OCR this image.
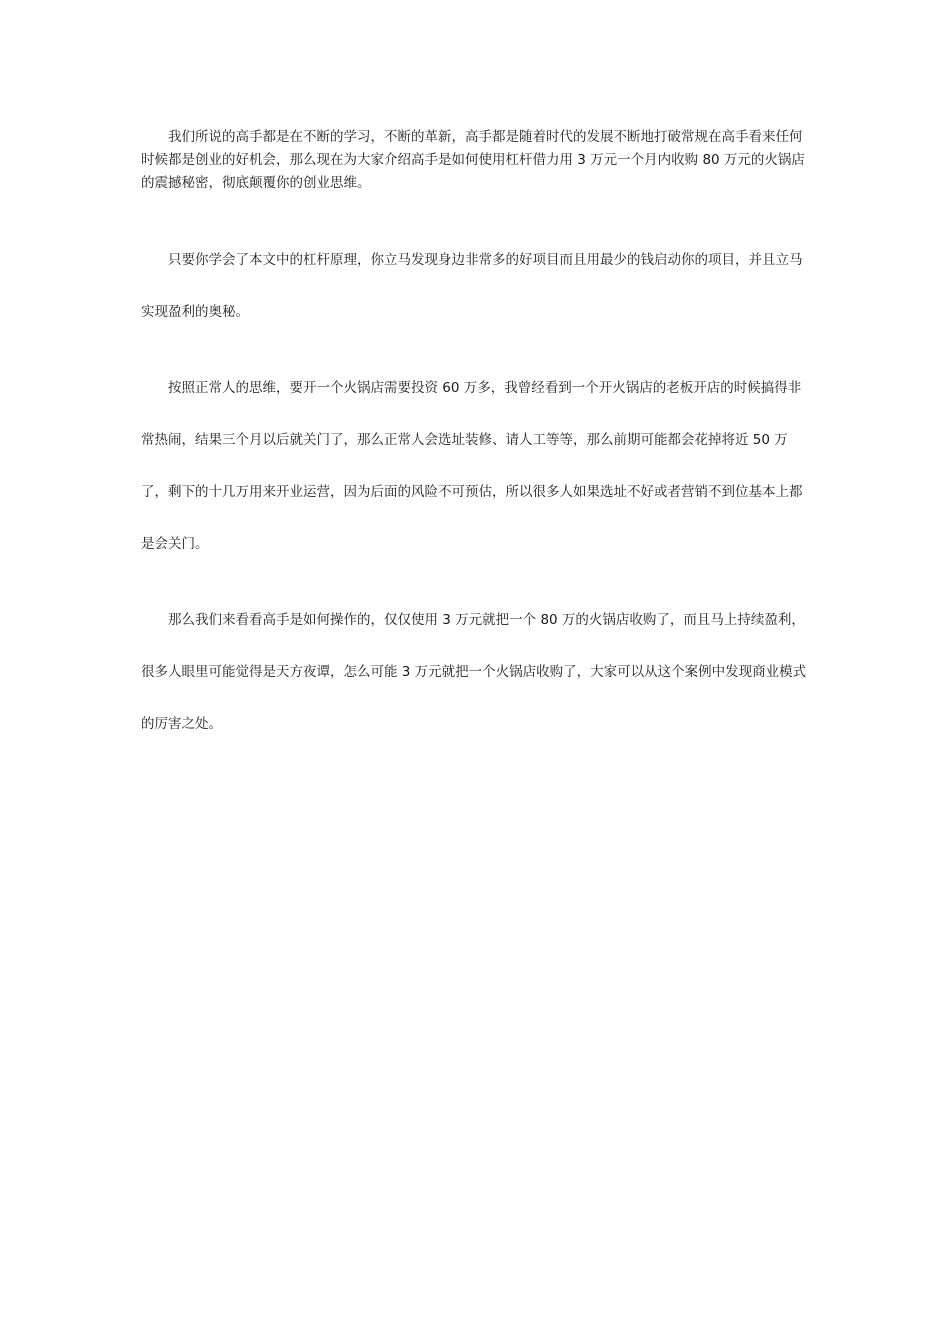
我们所说的高手都是在不断的学习，不断的革新，高手都是随着时代的发展不断地打破常规在高手看来任何时候都是创业的好机会，那么现在为大家介绍高手是如何使用杠杆借力用 3 万元一个月内收购 80 万元的火锅店的震撼秘密，彻底颠覆你的创业思维。

只要你学会了本文中的杠杆原理，你立马发现身边非常多的好项目而且用最少的钱启动你的项目，并且立马实现盈利的奥秘。

按照正常人的思维，要开一个火锅店需要投资 60 万多，我曾经看到一个开火锅店的老板开店的时候搞得非常热闹，结果三个月以后就关门了，那么正常人会选址装修、请人工等等，那么前期可能都会花掉将近 50 万了，剩下的十几万用来开业运营，因为后面的风险不可预估，所以很多人如果选址不好或者营销不到位基本上都是会关门。

那么我们来看看高手是如何操作的，仅仅使用 3 万元就把一个 80 万的火锅店收购了，而且马上持续盈利，很多人眼里可能觉得是天方夜谭，怎么可能 3 万元就把一个火锅店收购了，大家可以从这个案例中发现商业模式的厉害之处。
